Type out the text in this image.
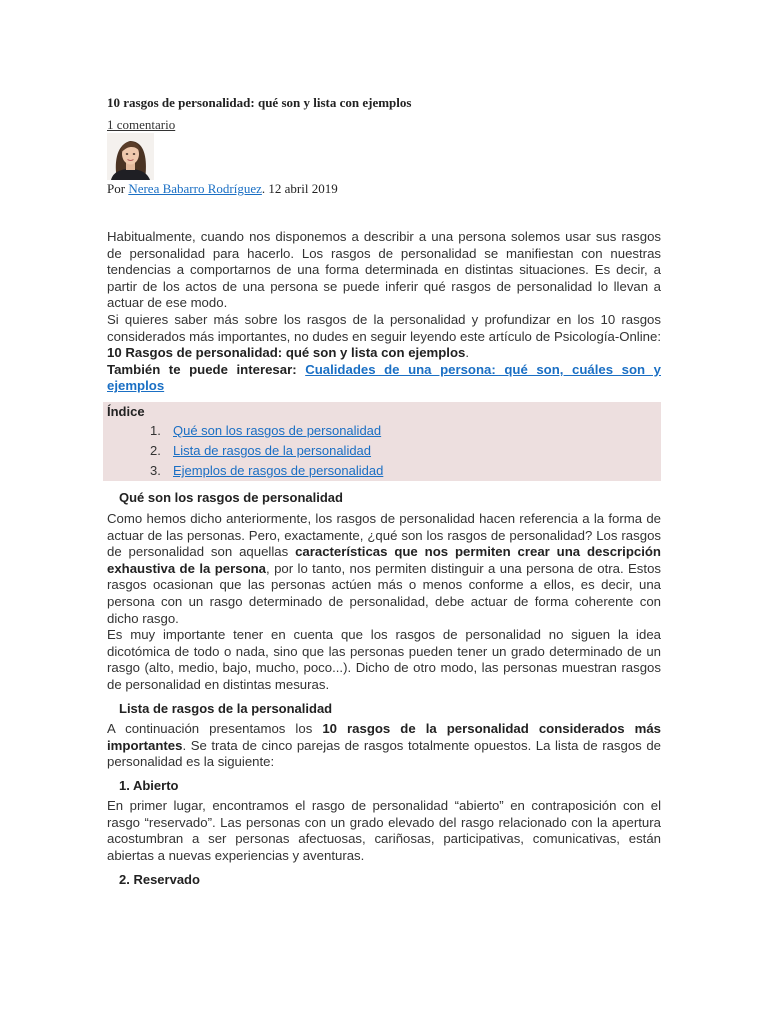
10 rasgos de personalidad: qué son y lista con ejemplos
1 comentario
Por Nerea Babarro Rodríguez. 12 abril 2019

Habitualmente, cuando nos disponemos a describir a una persona solemos usar sus rasgos de personalidad para hacerlo. Los rasgos de personalidad se manifiestan con nuestras tendencias a comportarnos de una forma determinada en distintas situaciones. Es decir, a partir de los actos de una persona se puede inferir qué rasgos de personalidad lo llevan a actuar de ese modo.

Si quieres saber más sobre los rasgos de la personalidad y profundizar en los 10 rasgos considerados más importantes, no dudes en seguir leyendo este artículo de Psicología-Online: 10 Rasgos de personalidad: qué son y lista con ejemplos.

También te puede interesar: Cualidades de una persona: qué son, cuáles son y ejemplos

Índice
1. Qué son los rasgos de personalidad
2. Lista de rasgos de la personalidad
3. Ejemplos de rasgos de personalidad
Qué son los rasgos de personalidad

Como hemos dicho anteriormente, los rasgos de personalidad hacen referencia a la forma de actuar de las personas. Pero, exactamente, ¿qué son los rasgos de personalidad? Los rasgos de personalidad son aquellas características que nos permiten crear una descripción exhaustiva de la persona, por lo tanto, nos permiten distinguir a una persona de otra. Estos rasgos ocasionan que las personas actúen más o menos conforme a ellos, es decir, una persona con un rasgo determinado de personalidad, debe actuar de forma coherente con dicho rasgo.

Es muy importante tener en cuenta que los rasgos de personalidad no siguen la idea dicotómica de todo o nada, sino que las personas pueden tener un grado determinado de un rasgo (alto, medio, bajo, mucho, poco...). Dicho de otro modo, las personas muestran rasgos de personalidad en distintas mesuras.

Lista de rasgos de la personalidad

A continuación presentamos los 10 rasgos de la personalidad considerados más importantes. Se trata de cinco parejas de rasgos totalmente opuestos. La lista de rasgos de personalidad es la siguiente:

1. Abierto

En primer lugar, encontramos el rasgo de personalidad “abierto” en contraposición con el rasgo “reservado”. Las personas con un grado elevado del rasgo relacionado con la apertura acostumbran a ser personas afectuosas, cariñosas, participativas, comunicativas, están abiertas a nuevas experiencias y aventuras.

2. Reservado
